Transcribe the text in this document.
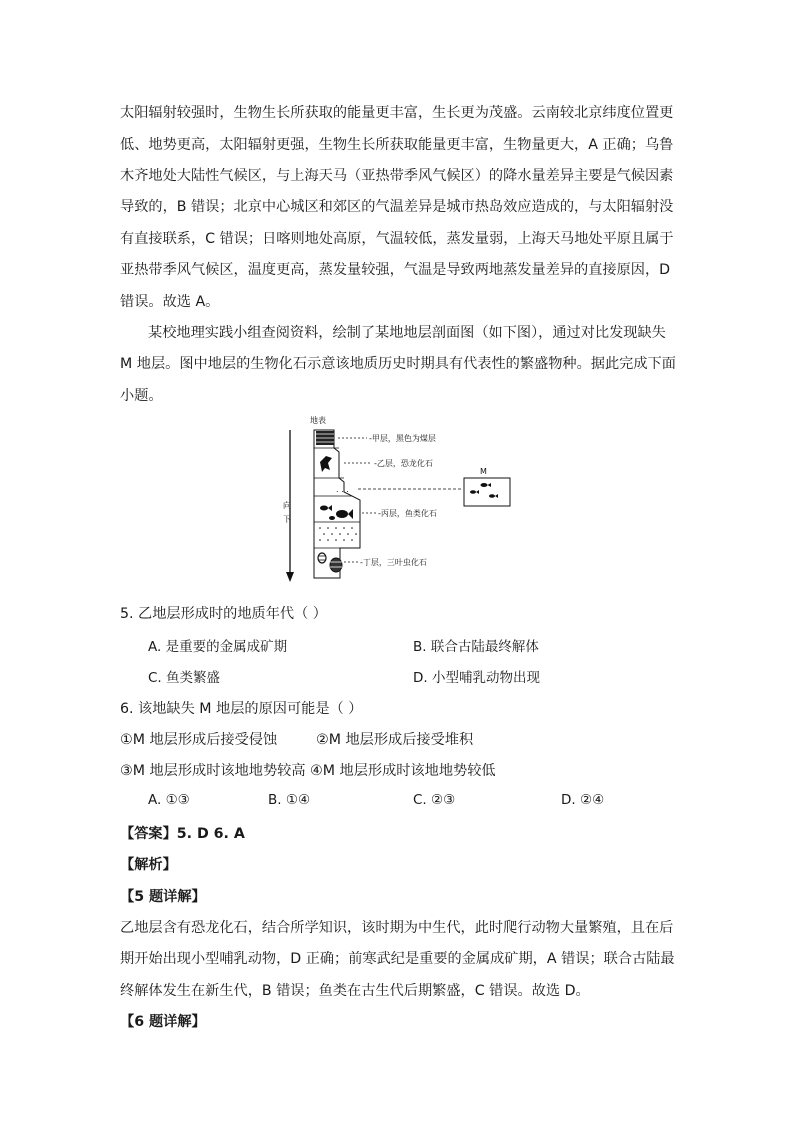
太阳辐射较强时，生物生长所获取的能量更丰富，生长更为茂盛。云南较北京纬度位置更
低、地势更高，太阳辐射更强，生物生长所获取能量更丰富，生物量更大，A 正确；乌鲁
木齐地处大陆性气候区，与上海天马（亚热带季风气候区）的降水量差异主要是气候因素
导致的，B 错误；北京中心城区和郊区的气温差异是城市热岛效应造成的，与太阳辐射没
有直接联系，C 错误；日喀则地处高原，气温较低，蒸发量弱，上海天马地处平原且属于
亚热带季风气候区，温度更高，蒸发量较强，气温是导致两地蒸发量差异的直接原因，D
错误。故选 A。
某校地理实践小组查阅资料，绘制了某地地层剖面图（如下图），通过对比发现缺失
M 地层。图中地层的生物化石示意该地质历史时期具有代表性的繁盛物种。据此完成下面
小题。
向
下
地表
. . .
-甲层，黑色为煤层
-乙层，恐龙化石
-丙层，鱼类化石
-丁层，三叶虫化石
M
5. 乙地层形成时的地质年代（ ）
A. 是重要的金属成矿期	B. 联合古陆最终解体
C. 鱼类繁盛	D. 小型哺乳动物出现
6. 该地缺失 M 地层的原因可能是（ ）
①M 地层形成后接受侵蚀	②M 地层形成后接受堆积
③M 地层形成时该地地势较高 ④M 地层形成时该地地势较低
A. ①③	B. ①④	C. ②③	D. ②④
【答案】5. D 6. A
【解析】
【5 题详解】
乙地层含有恐龙化石，结合所学知识，该时期为中生代，此时爬行动物大量繁殖，且在后
期开始出现小型哺乳动物，D 正确；前寒武纪是重要的金属成矿期，A 错误；联合古陆最
终解体发生在新生代，B 错误；鱼类在古生代后期繁盛，C 错误。故选 D。
【6 题详解】
